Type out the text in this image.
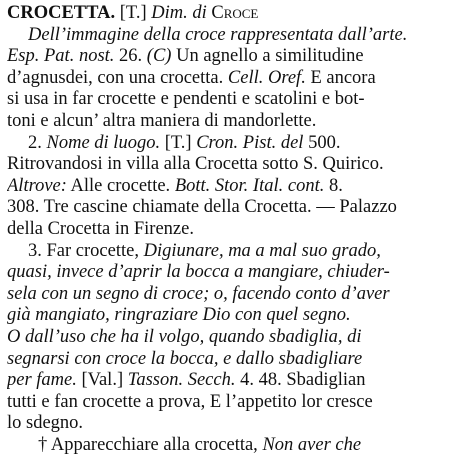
CROCETTA. [T.] Dim. di Croce
Dell’immagine della croce rappresentata dall’arte.
Esp. Pat. nost. 26. (C) Un agnello a similitudine
d’agnusdei, con una crocetta. Cell. Oref. E ancora
si usa in far crocette e pendenti e scatolini e bot-
toni e alcun’ altra maniera di mandorlette.
2. Nome di luogo. [T.] Cron. Pist. del 500.
Ritrovandosi in villa alla Crocetta sotto S. Quirico.
Altrove: Alle crocette. Bott. Stor. Ital. cont. 8.
308. Tre cascine chiamate della Crocetta. — Palazzo
della Crocetta in Firenze.
3. Far crocette, Digiunare, ma a mal suo grado,
quasi, invece d’aprir la bocca a mangiare, chiuder-
sela con un segno di croce; o, facendo conto d’aver
già mangiato, ringraziare Dio con quel segno.
O dall’uso che ha il volgo, quando sbadiglia, di
segnarsi con croce la bocca, e dallo sbadigliare
per fame. [Val.] Tasson. Secch. 4. 48. Sbadiglian
tutti e fan crocette a prova, E l’appetito lor cresce
lo sdegno.
† Apparecchiare alla crocetta, Non aver che
